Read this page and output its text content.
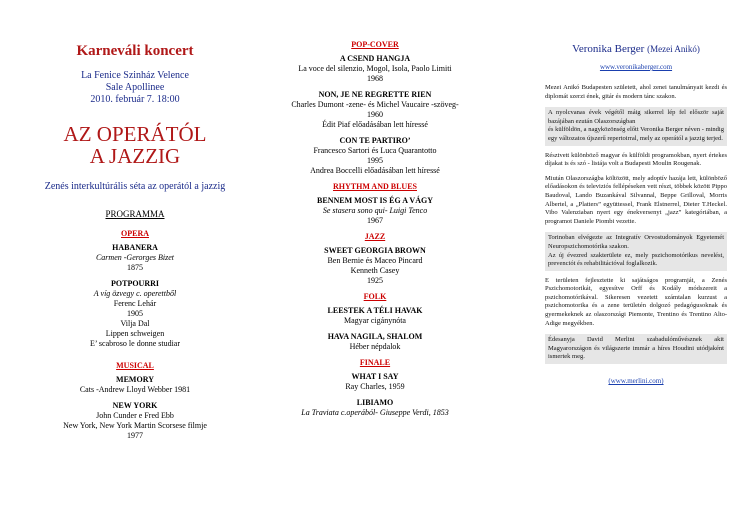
Karneváli koncert
La Fenice Szinház Velence
Sale Apollinee
2010. február 7. 18:00
AZ OPERÁTÓL
A JAZZIG
Zenés interkultúrális séta az operától a jazzig
PROGRAMMA
OPERA
HABANERA
Carmen -Gerorges Bizet
1875
POTPOURRI
A víg özvegy c. operettből
Ferenc Lehár
1905
Vilja Dal
Lippen schweigen
E’ scabroso le donne studiar
MUSICAL
MEMORY
Cats -Andrew Lloyd Webber 1981
NEW YORK
John Cunder e Fred Ebb
New York, New York Martin Scorsese filmje
1977
POP-COVER
A CSEND HANGJA
La voce del silenzio, Mogol, Isola, Paolo Limiti
1968
NON, JE NE REGRETTE RIEN
Charles Dumont -zene- és Michel Vaucaire -szöveg-
1960
Édit Piaf előadásában lett híressé
CON TE PARTIRO’
Francesco Sartori és Luca Quarantotto
1995
Andrea Boccelli előadásában lett híressé
RHYTHM AND BLUES
BENNEM MOST IS ÉG A VÁGY
Se stasera sono qui- Luigi Tenco
1967
JAZZ
SWEET GEORGIA BROWN
Ben Bernie és Maceo Pincard
Kenneth Casey
1925
FOLK
LEESTEK A TÉLI HAVAK
Magyar cigánynóta
HAVA NAGILA, SHALOM
Héber népdalok
FINALE
WHAT I SAY
Ray Charles, 1959
LIBIAMO
La Traviata c.operából- Giuseppe Verdi, 1853
Veronika Berger (Mezei Anikó)
www.veronikaberger.com

Mezei Anikó Budapesten született, ahol zenei tanulmányait kezdi és diplomát szerzi ének, gitár és modern tánc szakon.

A nyolcvanas évek végétől máig sikerrel lép fel először saját bazájában ezután Olaszországban
és külföldön, a nagyközönség előtt Veronika Berger néven - mindig egy változatos újszerű repertoirral, mely az operától a jazzig terjed.

Résztvett különböző magyar és külföldi programokban, nyert értekes díjakat is és szó - listája volt a Budapesti Moulin Rougenak.

Miután Olaszországba költözött, mely adoptív hazája lett, különböző előadásokon és televiziós fellépéseken vett részt, többek között Pippo Baudoval, Lando Buzankával Silvannal, Beppe Grilloval, Morris Albertel, a „Platters” együttessel, Frank Elstnerrel, Dieter T.Heckel. Vibo Valenziaban nyert egy énekversenyt „jazz” kategóriában, a programot Daniele Piombi vezette.

Torinoban elvégezte az Integratív Orvostudományok Egyetemét Neuropszichomotórika szakon.
Az új évezred szakterülete ez, mely pszichomotórikus nevelést, prevenciót és rehabilitációval foglalkozik.

E területen fejlesztette ki sajátságos programját, a Zenés Pszichomotorikát, egyesítve Orff és Kodály módszereit a pszichomotórikával. Sikeresen vezetett számtalan kurzust a pszichomotorika és a zene területén dolgozó pedagógusoknak és gyermekeknek az olaszországi Piemonte, Trentino és Trentino Alto-Adige megyékben.

Édesanyja David Merlini szabadulóművésznek akit Magyarországon és világszerte immár a híres Houdini utódjaként ismertek meg.

(www.merlini.com)
